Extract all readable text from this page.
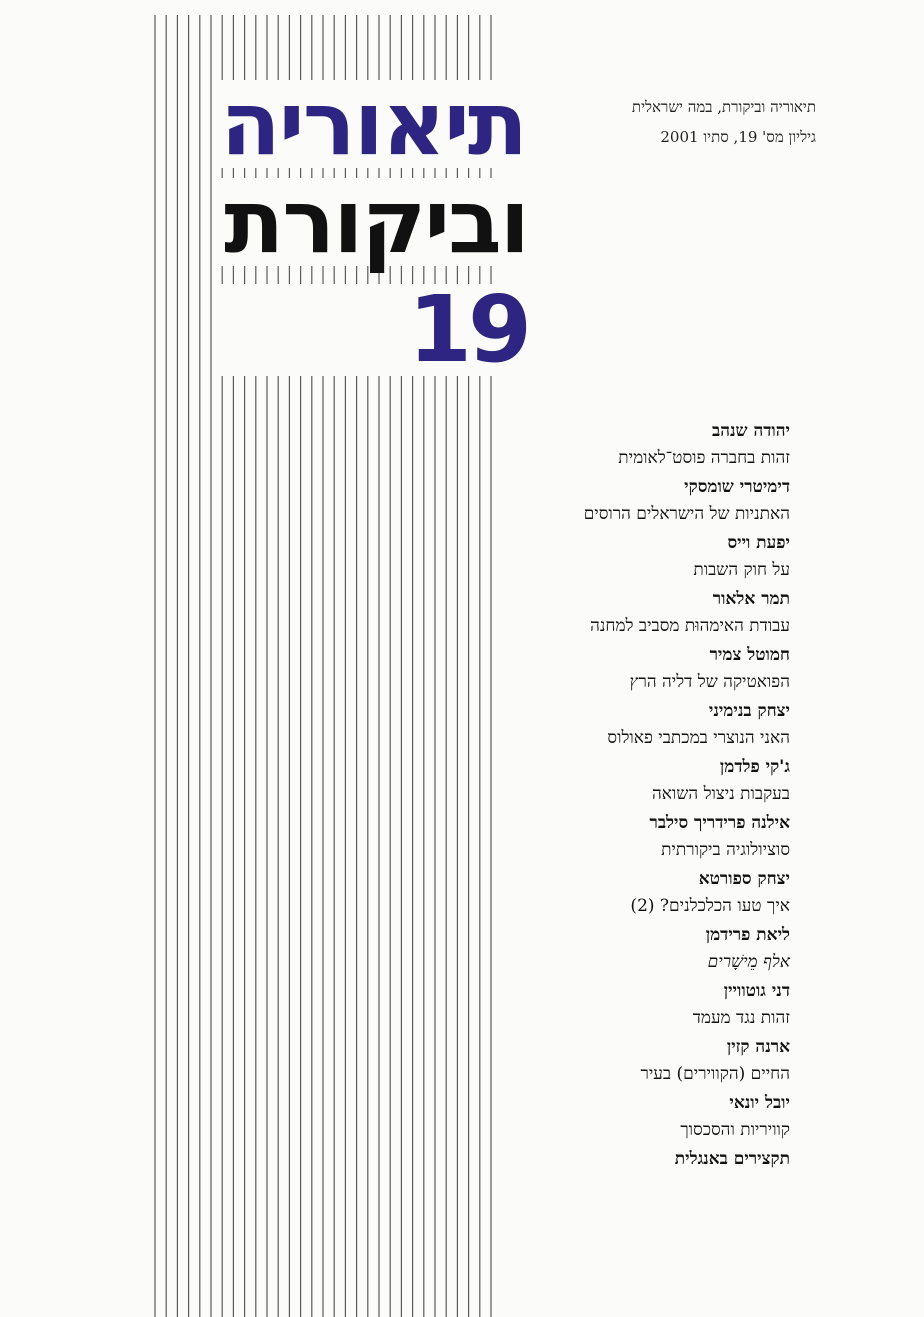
תיאוריה
וביקורת
19
תיאוריה וביקורת, במה ישראלית
גיליון מס' 19, סתיו 2001
יהודה שנהב
זהות בחברה פוסט־לאומית
דימיטרי שומסקי
האתניות של הישראלים הרוסים
יפעת וייס
על חוק השבות
תמר אלאור
עבודת האימהוּת מסביב למחנה
חמוטל צמיר
הפואטיקה של דליה הרץ
יצחק בנימיני
האני הנוצרי במכתבי פאולוס
ג'קי פלדמן
בעקבות ניצול השואה
אילנה פרידריך סילבר
סוציולוגיה ביקורתית
יצחק ספורטא
איך טעו הכלכלנים? (2)
ליאת פרידמן
אלף מֵישָׁרים
דני גוטוויין
זהות נגד מעמד
ארנה קזין
החיים (הקווירים) בעיר
יובל יונאי
קוויריות והסכסוך
תקצירים באנגלית
